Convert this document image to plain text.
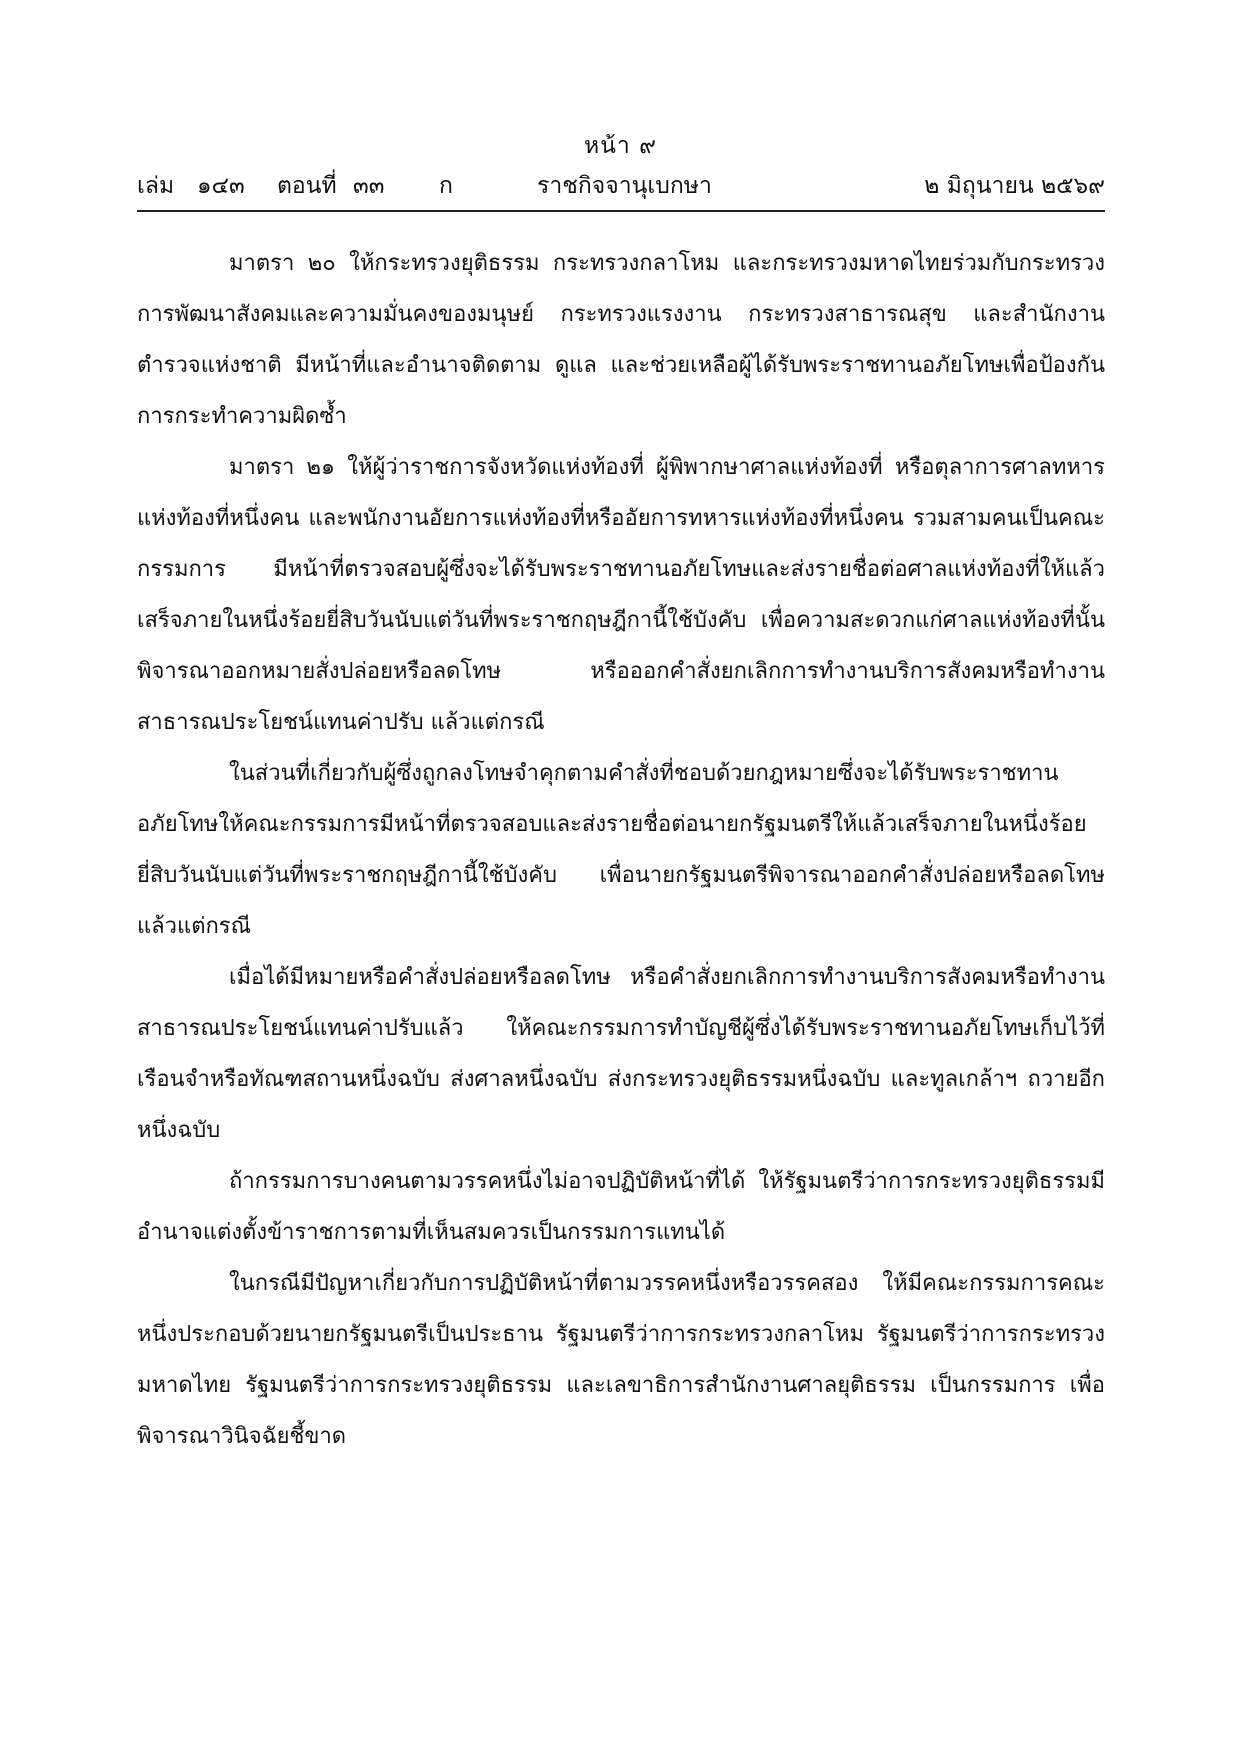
หน้า ๙
เล่ม ๑๔๓ ตอนที่ ๓๓ ก	ราชกิจจานุเบกษา	๒ มิถุนายน ๒๕๖๙

มาตรา ๒๐ ให้กระทรวงยุติธรรม กระทรวงกลาโหม และกระทรวงมหาดไทยร่วมกับกระทรวงการพัฒนาสังคมและความมั่นคงของมนุษย์ กระทรวงแรงงาน กระทรวงสาธารณสุข และสำนักงานตำรวจแห่งชาติ มีหน้าที่และอำนาจติดตาม ดูแล และช่วยเหลือผู้ได้รับพระราชทานอภัยโทษเพื่อป้องกันการกระทำความผิดซ้ำ

มาตรา ๒๑ ให้ผู้ว่าราชการจังหวัดแห่งท้องที่ ผู้พิพากษาศาลแห่งท้องที่ หรือตุลาการศาลทหารแห่งท้องที่หนึ่งคน และพนักงานอัยการแห่งท้องที่หรืออัยการทหารแห่งท้องที่หนึ่งคน รวมสามคนเป็นคณะกรรมการ มีหน้าที่ตรวจสอบผู้ซึ่งจะได้รับพระราชทานอภัยโทษและส่งรายชื่อต่อศาลแห่งท้องที่ให้แล้วเสร็จภายในหนึ่งร้อยยี่สิบวันนับแต่วันที่พระราชกฤษฎีกานี้ใช้บังคับ เพื่อความสะดวกแก่ศาลแห่งท้องที่นั้นพิจารณาออกหมายสั่งปล่อยหรือลดโทษ หรือออกคำสั่งยกเลิกการทำงานบริการสังคมหรือทำงานสาธารณประโยชน์แทนค่าปรับ แล้วแต่กรณี

ในส่วนที่เกี่ยวกับผู้ซึ่งถูกลงโทษจำคุกตามคำสั่งที่ชอบด้วยกฎหมายซึ่งจะได้รับพระราชทานอภัยโทษให้คณะกรรมการมีหน้าที่ตรวจสอบและส่งรายชื่อต่อนายกรัฐมนตรีให้แล้วเสร็จภายในหนึ่งร้อยยี่สิบวันนับแต่วันที่พระราชกฤษฎีกานี้ใช้บังคับ เพื่อนายกรัฐมนตรีพิจารณาออกคำสั่งปล่อยหรือลดโทษ แล้วแต่กรณี

เมื่อได้มีหมายหรือคำสั่งปล่อยหรือลดโทษ หรือคำสั่งยกเลิกการทำงานบริการสังคมหรือทำงานสาธารณประโยชน์แทนค่าปรับแล้ว ให้คณะกรรมการทำบัญชีผู้ซึ่งได้รับพระราชทานอภัยโทษเก็บไว้ที่เรือนจำหรือทัณฑสถานหนึ่งฉบับ ส่งศาลหนึ่งฉบับ ส่งกระทรวงยุติธรรมหนึ่งฉบับ และทูลเกล้าฯ ถวายอีกหนึ่งฉบับ

ถ้ากรรมการบางคนตามวรรคหนึ่งไม่อาจปฏิบัติหน้าที่ได้ ให้รัฐมนตรีว่าการกระทรวงยุติธรรมมีอำนาจแต่งตั้งข้าราชการตามที่เห็นสมควรเป็นกรรมการแทนได้

ในกรณีมีปัญหาเกี่ยวกับการปฏิบัติหน้าที่ตามวรรคหนึ่งหรือวรรคสอง ให้มีคณะกรรมการคณะหนึ่งประกอบด้วยนายกรัฐมนตรีเป็นประธาน รัฐมนตรีว่าการกระทรวงกลาโหม รัฐมนตรีว่าการกระทรวงมหาดไทย รัฐมนตรีว่าการกระทรวงยุติธรรม และเลขาธิการสำนักงานศาลยุติธรรม เป็นกรรมการ เพื่อพิจารณาวินิจฉัยชี้ขาด
